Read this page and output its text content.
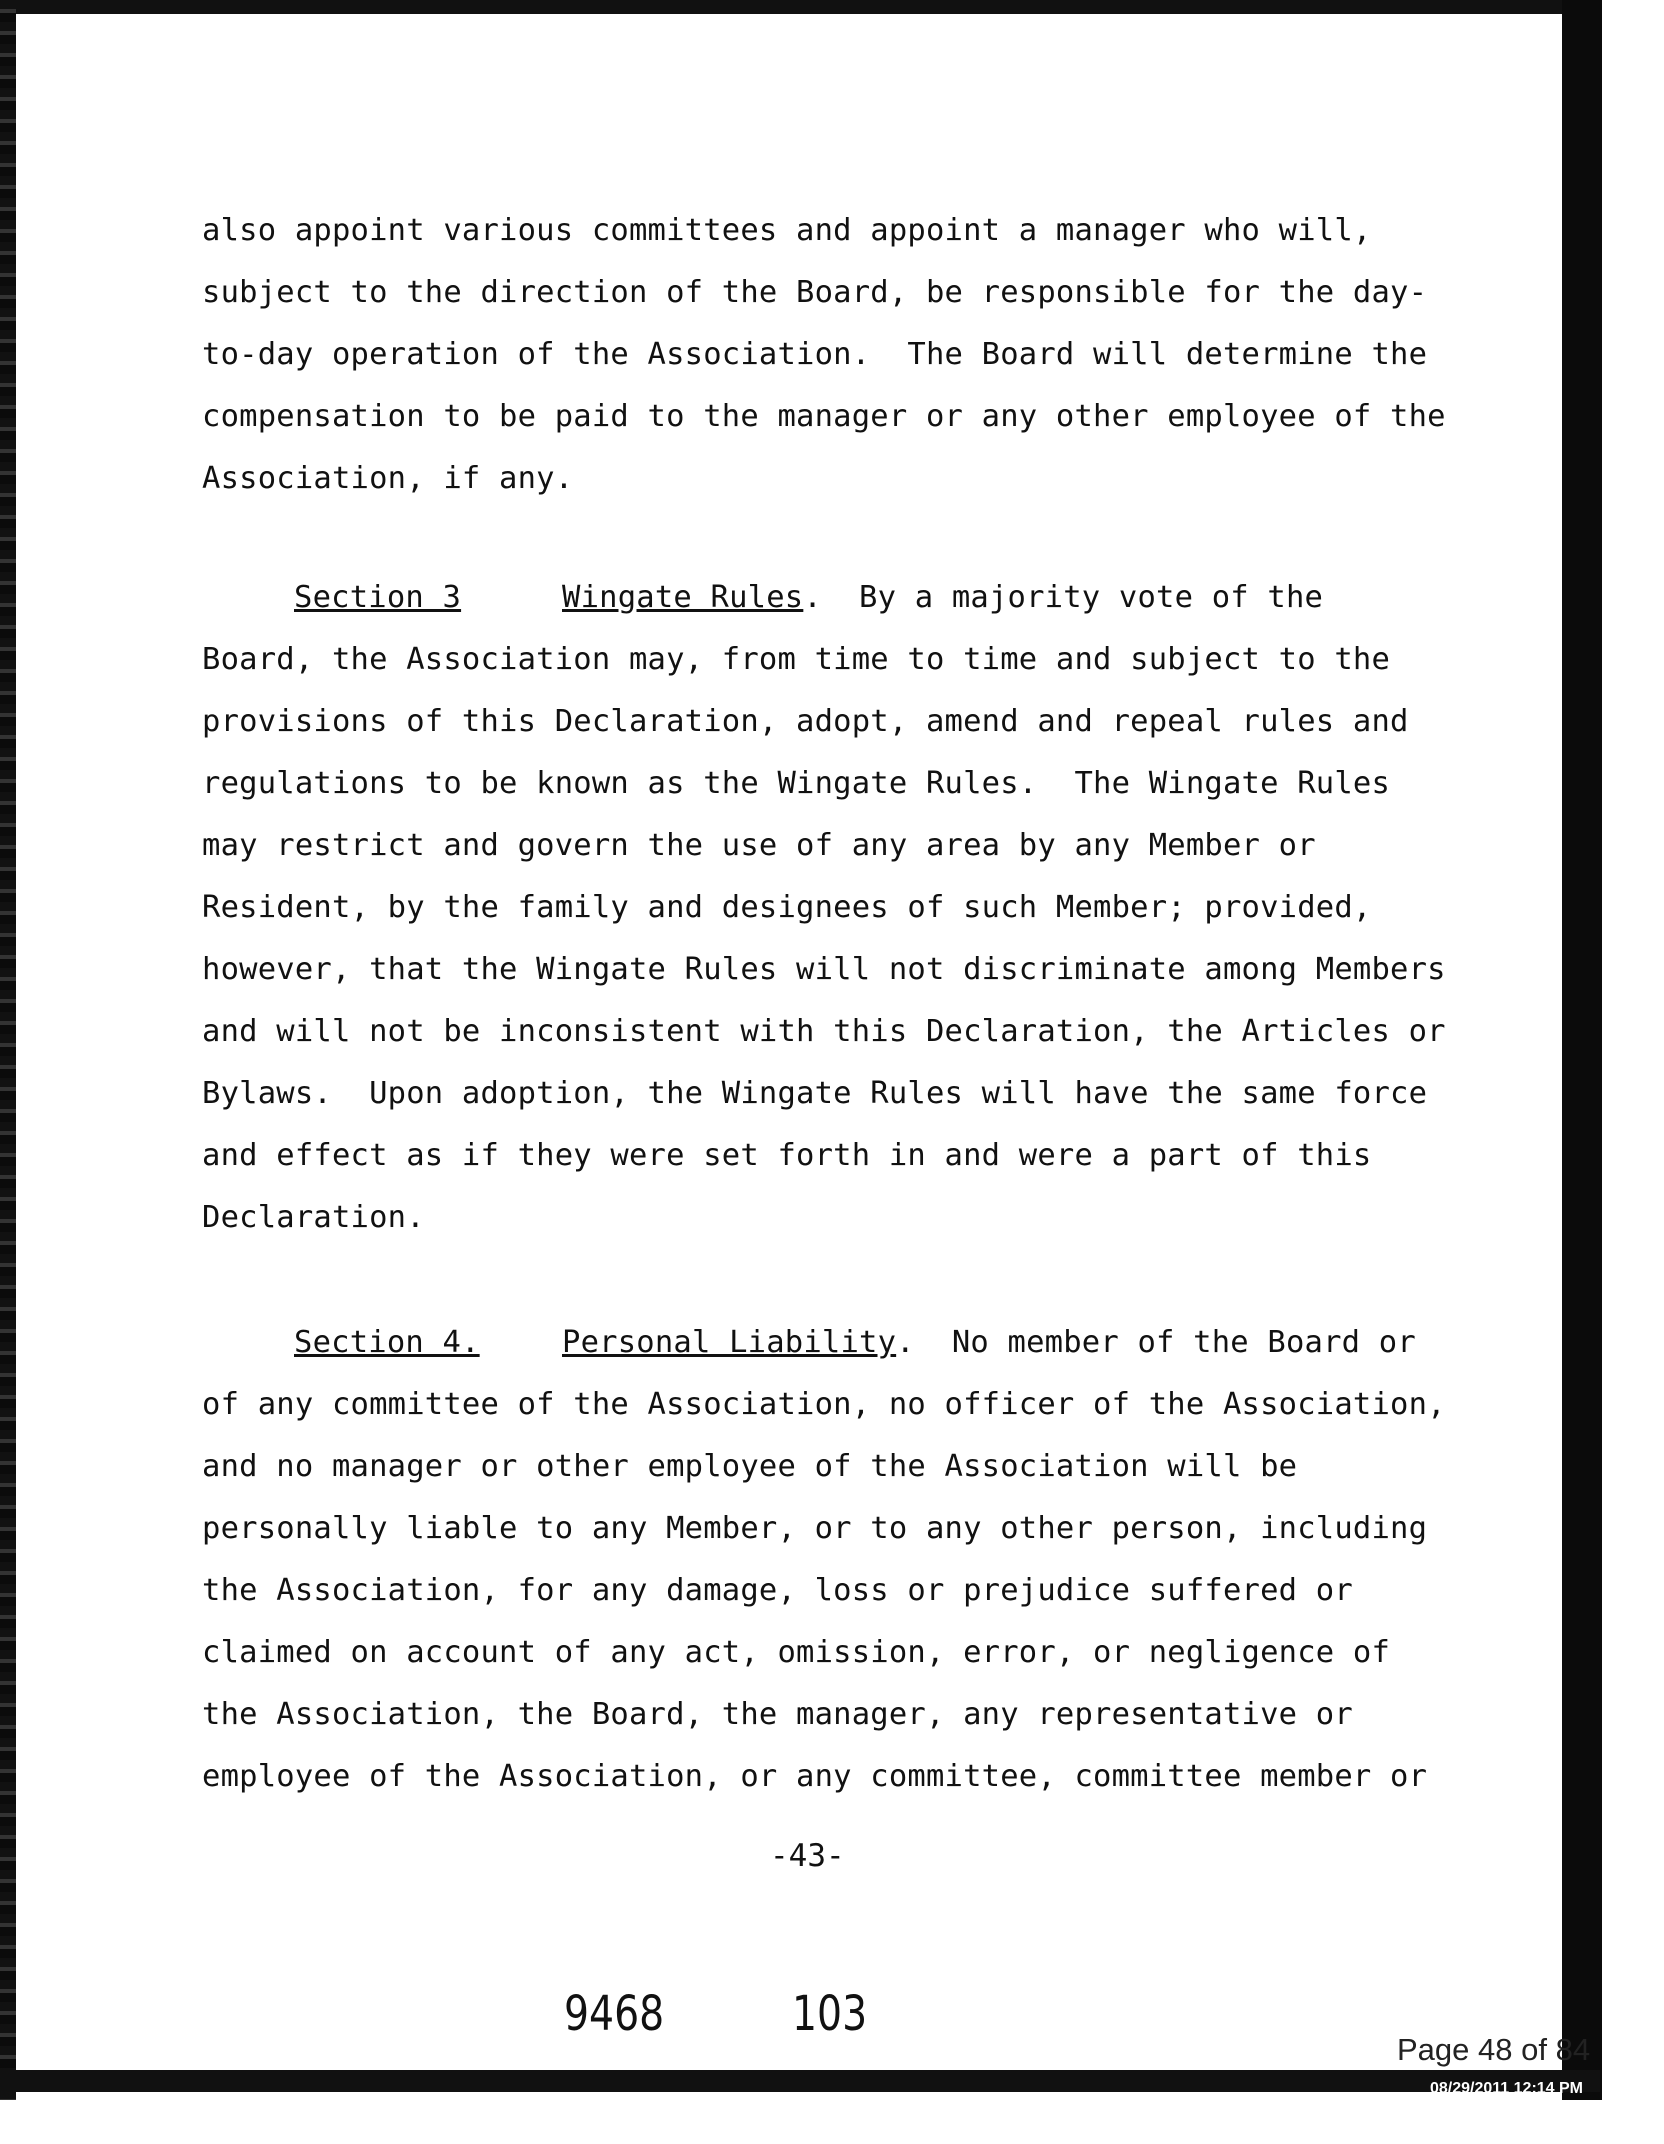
also appoint various committees and appoint a manager who will,
subject to the direction of the Board, be responsible for the day-
to-day operation of the Association.  The Board will determine the
compensation to be paid to the manager or any other employee of the
Association, if any.
Section 3	Wingate Rules.  By a majority vote of the
Board, the Association may, from time to time and subject to the
provisions of this Declaration, adopt, amend and repeal rules and
regulations to be known as the Wingate Rules.  The Wingate Rules
may restrict and govern the use of any area by any Member or
Resident, by the family and designees of such Member; provided,
however, that the Wingate Rules will not discriminate among Members
and will not be inconsistent with this Declaration, the Articles or
Bylaws.  Upon adoption, the Wingate Rules will have the same force
and effect as if they were set forth in and were a part of this
Declaration.
Section 4.	Personal Liability.  No member of the Board or
of any committee of the Association, no officer of the Association,
and no manager or other employee of the Association will be
personally liable to any Member, or to any other person, including
the Association, for any damage, loss or prejudice suffered or
claimed on account of any act, omission, error, or negligence of
the Association, the Board, the manager, any representative or
employee of the Association, or any committee, committee member or
-43-
9468	103
Page 48 of 84
08/29/2011 12:14 PM
